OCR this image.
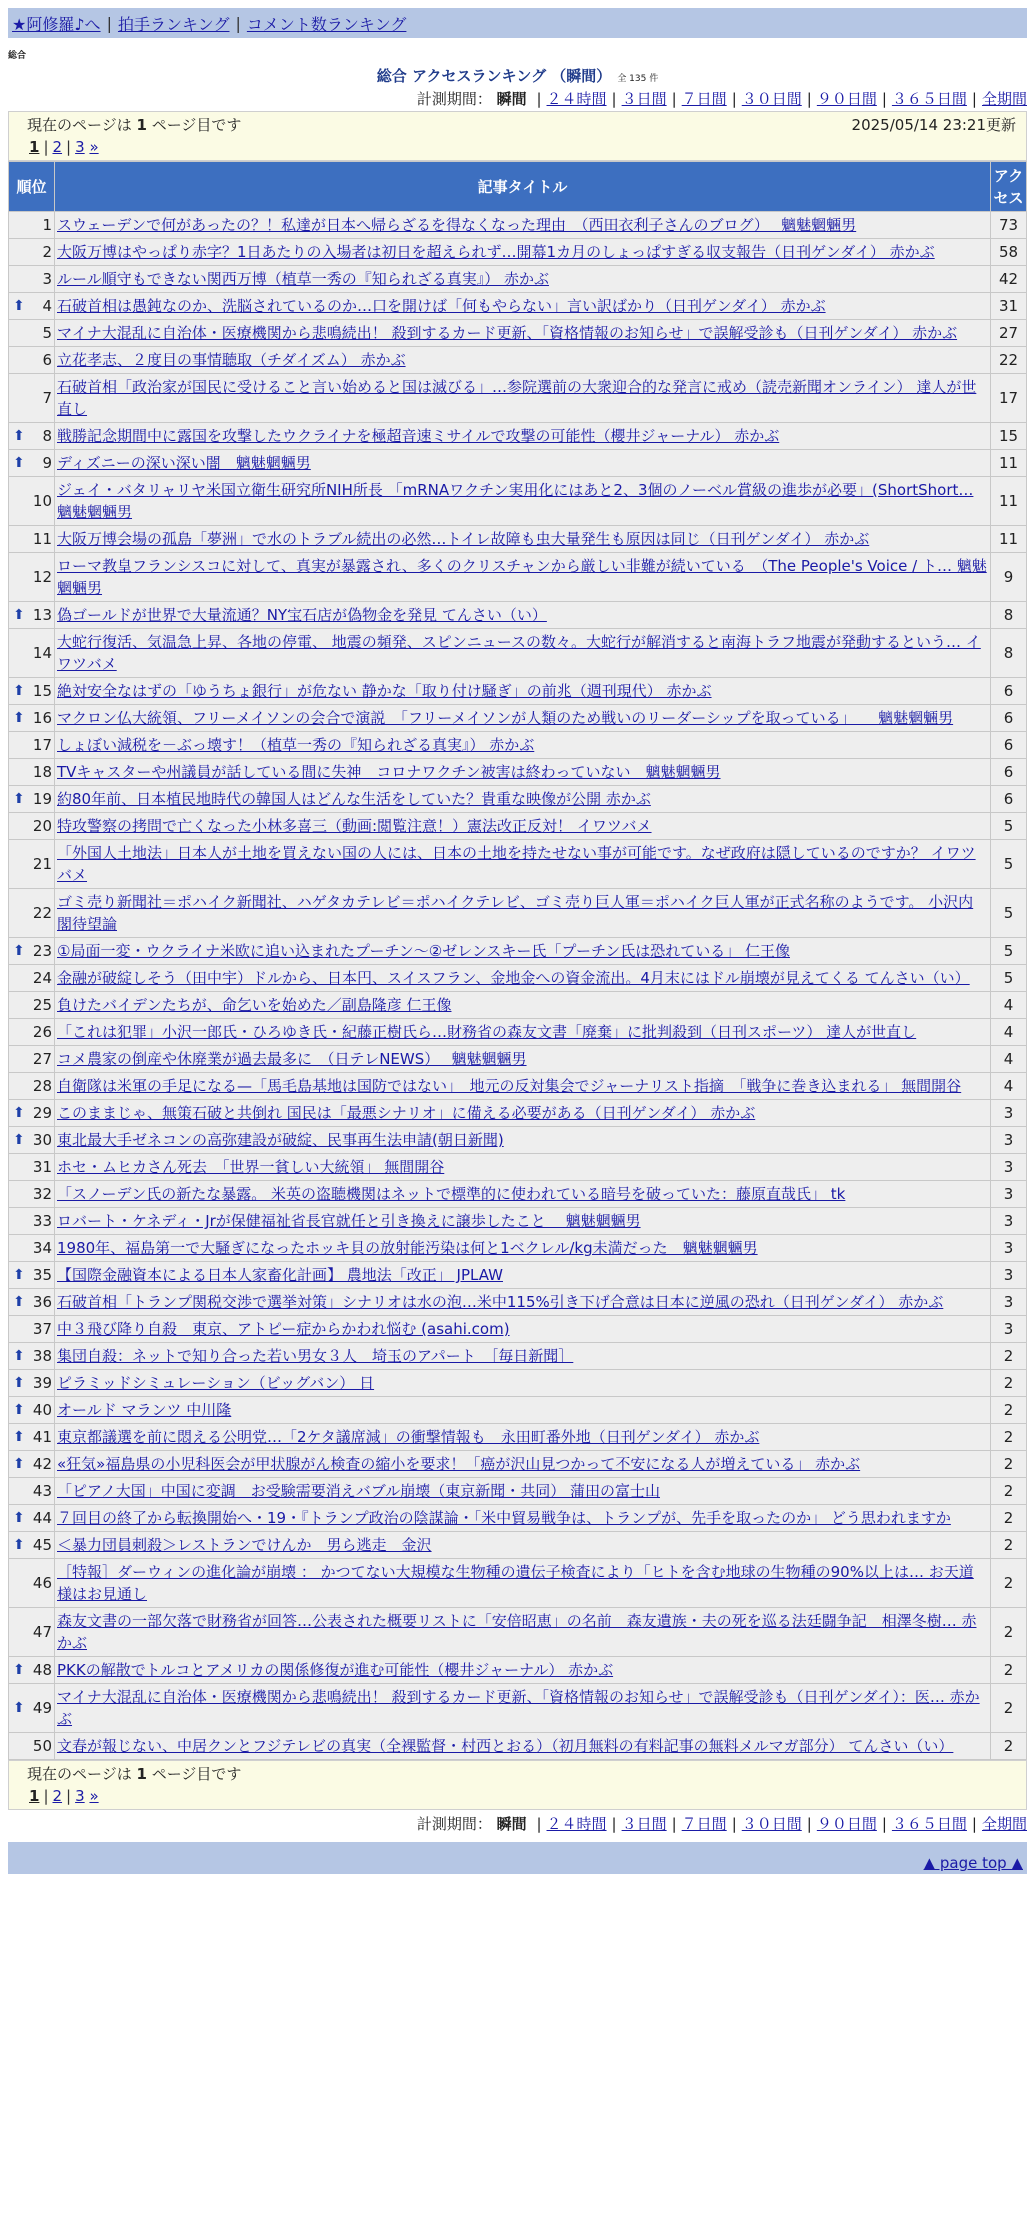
★阿修羅♪へ | 拍手ランキング | コメント数ランキング
総合
総合 アクセスランキング （瞬間） 全 135 件
計測期間： 瞬間 | ２４時間 | ３日間 | ７日間 | ３０日間 | ９０日間 | ３６５日間 | 全期間
現在のページは 1 ページ目です	2025/05/14 23:21更新
1 | 2 | 3 »
順位	記事タイトル	アクセス
1	スウェーデンで何があったの？！私達が日本へ帰らざるを得なくなった理由　（西田衣利子さんのブログ）　 魑魅魍魎男	73
2	大阪万博はやっぱり赤字？1日あたりの入場者は初日を超えられず…開幕1カ月のしょっぱすぎる収支報告（日刊ゲンダイ） 赤かぶ	58
3	ルール順守もできない関西万博（植草一秀の『知られざる真実』） 赤かぶ	42

⬆ 4	石破首相は愚鈍なのか、洗脳されているのか…口を開けば「何もやらない」言い訳ばかり（日刊ゲンダイ） 赤かぶ	31
5	マイナ大混乱に自治体・医療機関から悲鳴続出！ 殺到するカード更新、「資格情報のお知らせ」で誤解受診も（日刊ゲンダイ） 赤かぶ	27
6	立花孝志、２度目の事情聴取（チダイズム） 赤かぶ	22
7	石破首相「政治家が国民に受けること言い始めると国は滅びる」…参院選前の大衆迎合的な発言に戒め（読売新聞オンライン） 達人が世直し	17

⬆ 8	戦勝記念期間中に露国を攻撃したウクライナを極超音速ミサイルで攻撃の可能性（櫻井ジャーナル） 赤かぶ	15

⬆ 9	ディズニーの深い深い闇　魑魅魍魎男	11
10	ジェイ・バタリャリヤ米国立衛生研究所NIH所長 「mRNAワクチン実用化にはあと2、3個のノーベル賞級の進歩が必要」(ShortShort… 魑魅魍魎男	11
11	大阪万博会場の孤島「夢洲」で水のトラブル続出の必然…トイレ故障も虫大量発生も原因は同じ（日刊ゲンダイ） 赤かぶ	11
12	ローマ教皇フランシスコに対して、真実が暴露され、多くのクリスチャンから厳しい非難が続いている　（The People's Voice / ト… 魑魅魍魎男	9

⬆ 13	偽ゴールドが世界で大量流通？NY宝石店が偽物金を発見 てんさい（い）	8
14	大蛇行復活、気温急上昇、各地の停電、 地震の頻発、スピンニュースの数々。大蛇行が解消すると南海トラフ地震が発動するという… イワツバメ	8

⬆ 15	絶対安全なはずの「ゆうちょ銀行」が危ない 静かな「取り付け騒ぎ」の前兆（週刊現代） 赤かぶ	6

⬆ 16	マクロン仏大統領、フリーメイソンの会合で演説　「フリーメイソンが人類のため戦いのリーダーシップを取っている」　　魑魅魍魎男	6
17	しょぼい減税を－ぶっ壊す！（植草一秀の『知られざる真実』） 赤かぶ	6
18	TVキャスターや州議員が話している間に失神　コロナワクチン被害は終わっていない　魑魅魍魎男	6

⬆ 19	約80年前、日本植民地時代の韓国人はどんな生活をしていた？貴重な映像が公開 赤かぶ	6
20	特攻警察の拷問で亡くなった小林多喜三（動画:閲覧注意！）憲法改正反対！ イワツバメ	5
21	「外国人土地法」日本人が土地を買えない国の人には、日本の土地を持たせない事が可能です。なぜ政府は隠しているのですか？ イワツバメ	5
22	ゴミ売り新聞社＝ポハイク新聞社、ハゲタカテレビ＝ポハイクテレビ、ゴミ売り巨人軍＝ポハイク巨人軍が正式名称のようです。 小沢内閣待望論	5

⬆ 23	①局面一変・ウクライナ米欧に追い込まれたプーチン～②ゼレンスキー氏「プーチン氏は恐れている」 仁王像	5
24	金融が破綻しそう（田中宇）ドルから、日本円、スイスフラン、金地金への資金流出。4月末にはドル崩壊が見えてくる てんさい（い）	5
25	負けたバイデンたちが、命乞いを始めた／副島隆彦 仁王像	4
26	「これは犯罪」小沢一郎氏・ひろゆき氏・紀藤正樹氏ら…財務省の森友文書「廃棄」に批判殺到（日刊スポーツ） 達人が世直し	4
27	コメ農家の倒産や休廃業が過去最多に　（日テレNEWS）　 魑魅魍魎男	4
28	自衛隊は米軍の手足になる—「馬毛島基地は国防ではない」　地元の反対集会でジャーナリスト指摘　「戦争に巻き込まれる」 無間開谷	4

⬆ 29	このままじゃ、無策石破と共倒れ 国民は「最悪シナリオ」に備える必要がある（日刊ゲンダイ） 赤かぶ	3

⬆ 30	東北最大手ゼネコンの高弥建設が破綻、民事再生法申請(朝日新聞)	3
31	ホセ・ムヒカさん死去　「世界一貧しい大統領」 無間開谷	3
32	「スノーデン氏の新たな暴露。 米英の盗聴機関はネットで標準的に使われている暗号を破っていた：藤原直哉氏」 tk	3
33	ロバート・ケネディ・Jrが保健福祉省長官就任と引き換えに譲歩したこと　 魑魅魍魎男	3
34	1980年、福島第一で大騒ぎになったホッキ貝の放射能汚染は何と1ベクレル/kg未満だった　魑魅魍魎男	3

⬆ 35	【国際金融資本による日本人家畜化計画】 農地法「改正」 JPLAW	3

⬆ 36	石破首相「トランプ関税交渉で選挙対策」シナリオは水の泡…米中115%引き下げ合意は日本に逆風の恐れ（日刊ゲンダイ） 赤かぶ	3
37	中３飛び降り自殺　東京、アトピー症からかわれ悩む (asahi.com)	3

⬆ 38	集団自殺：ネットで知り合った若い男女３人　埼玉のアパート　［毎日新聞］	2

⬆ 39	ピラミッドシミュレーション（ビッグバン） 日	2

⬆ 40	オールド マランツ 中川隆	2

⬆ 41	東京都議選を前に悶える公明党…「2ケタ議席減」の衝撃情報も　永田町番外地（日刊ゲンダイ） 赤かぶ	2

⬆ 42	«狂気»福島県の小児科医会が甲状腺がん検査の縮小を要求！「癌が沢山見つかって不安になる人が増えている」 赤かぶ	2
43	「ピアノ大国」中国に変調　お受験需要消えバブル崩壊（東京新聞・共同） 蒲田の富士山	2

⬆ 44	７回目の終了から転換開始へ・19・『トランプ政治の陰謀論・「米中貿易戦争は、トランプが、先手を取ったのか」 どう思われますか	2

⬆ 45	＜暴力団員刺殺＞レストランでけんか　男ら逃走　金沢	2
46	［特報］ダーウィンの進化論が崩壊 ： かつてない大規模な生物種の遺伝子検査により「ヒトを含む地球の生物種の90%以上は… お天道様はお見通し	2
47	森友文書の一部欠落で財務省が回答…公表された概要リストに「安倍昭恵」の名前　森友遺族・夫の死を巡る法廷闘争記　相澤冬樹… 赤かぶ	2

⬆ 48	PKKの解散でトルコとアメリカの関係修復が進む可能性（櫻井ジャーナル） 赤かぶ	2

⬆ 49	マイナ大混乱に自治体・医療機関から悲鳴続出！ 殺到するカード更新、「資格情報のお知らせ」で誤解受診も（日刊ゲンダイ）：医… 赤かぶ	2
50	文春が報じない、中居クンとフジテレビの真実（全裸監督・村西とおる）（初月無料の有料記事の無料メルマガ部分） てんさい（い）	2
現在のページは 1 ページ目です
1 | 2 | 3 »
計測期間： 瞬間 | ２４時間 | ３日間 | ７日間 | ３０日間 | ９０日間 | ３６５日間 | 全期間
▲ page top ▲
